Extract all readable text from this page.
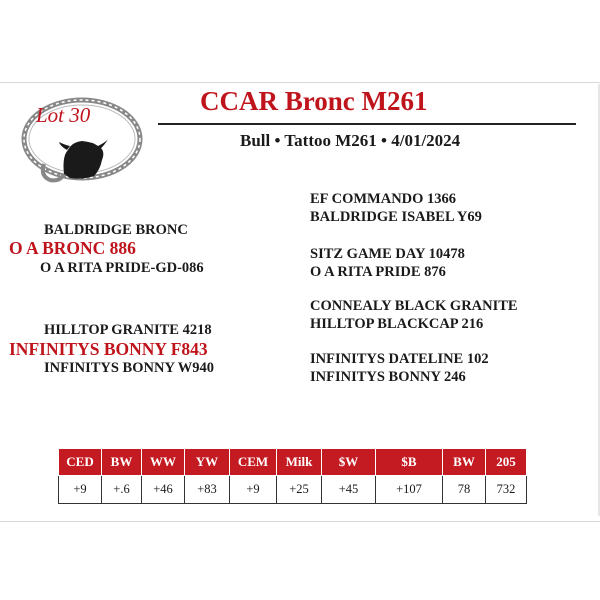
Lot 30	CCAR Bronc M261
Bull • Tattoo M261 • 4/01/2024
BALDRIDGE BRONC
O A BRONC 886
O A RITA PRIDE-GD-086
HILLTOP GRANITE 4218
INFINITYS BONNY F843
INFINITYS BONNY W940
EF COMMANDO 1366
BALDRIDGE ISABEL Y69
SITZ GAME DAY 10478
O A RITA PRIDE 876
CONNEALY BLACK GRANITE
HILLTOP BLACKCAP 216
INFINITYS DATELINE 102
INFINITYS BONNY 246
CED	BW	WW	YW	CEM	Milk	$W	$B	BW	205
+9	+.6	+46	+83	+9	+25	+45	+107	78	732
